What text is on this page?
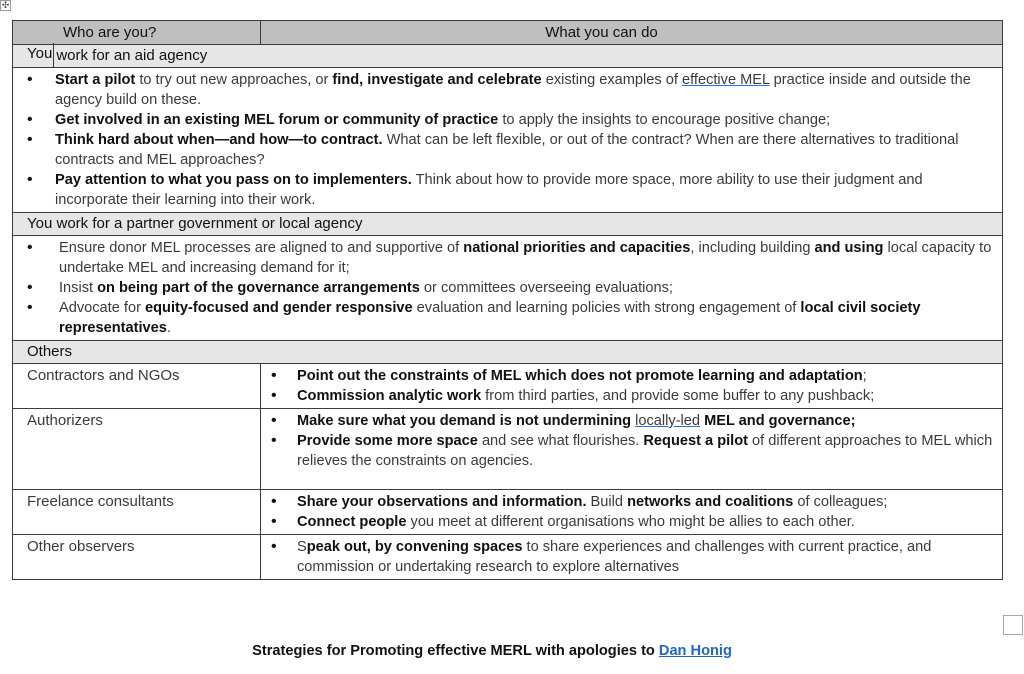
✣
Who are you?	What you can do
You work for an aid agency	

• Start a pilot to try out new approaches, or find, investigate and celebrate existing examples of effective MEL practice inside and outside the agency build on these.
• Get involved in an existing MEL forum or community of practice to apply the insights to encourage positive change;
• Think hard about when—and how—to contract. What can be left flexible, or out of the contract? When are there alternatives to traditional contracts and MEL approaches?
• Pay attention to what you pass on to implementers. Think about how to provide more space, more ability to use their judgment and incorporate their learning into their work.

You work for a partner government or local agency	

• Ensure donor MEL processes are aligned to and supportive of national priorities and capacities, including building and using local capacity to undertake MEL and increasing demand for it;
• Insist on being part of the governance arrangements or committees overseeing evaluations;
• Advocate for equity-focused and gender responsive evaluation and learning policies with strong engagement of local civil society representatives.

Others	
Contractors and NGOs	
•Point out the constraints of MEL which does not promote learning and adaptation;
• Commission analytic work from third parties, and provide some buffer to any pushback;

Authorizers	
•Make sure what you demand is not undermining locally-led MEL and governance;
• Provide some more space and see what flourishes. Request a pilot of different approaches to MEL which relieves the constraints on agencies.

Freelance consultants	
•Share your observations and information. Build networks and coalitions of colleagues;
• Connect people you meet at different organisations who might be allies to each other.

Other observers	
•Speak out, by convening spaces to share experiences and challenges with current practice, and commission or undertaking research to explore alternatives
Strategies for Promoting effective MERL with apologies to Dan Honig
